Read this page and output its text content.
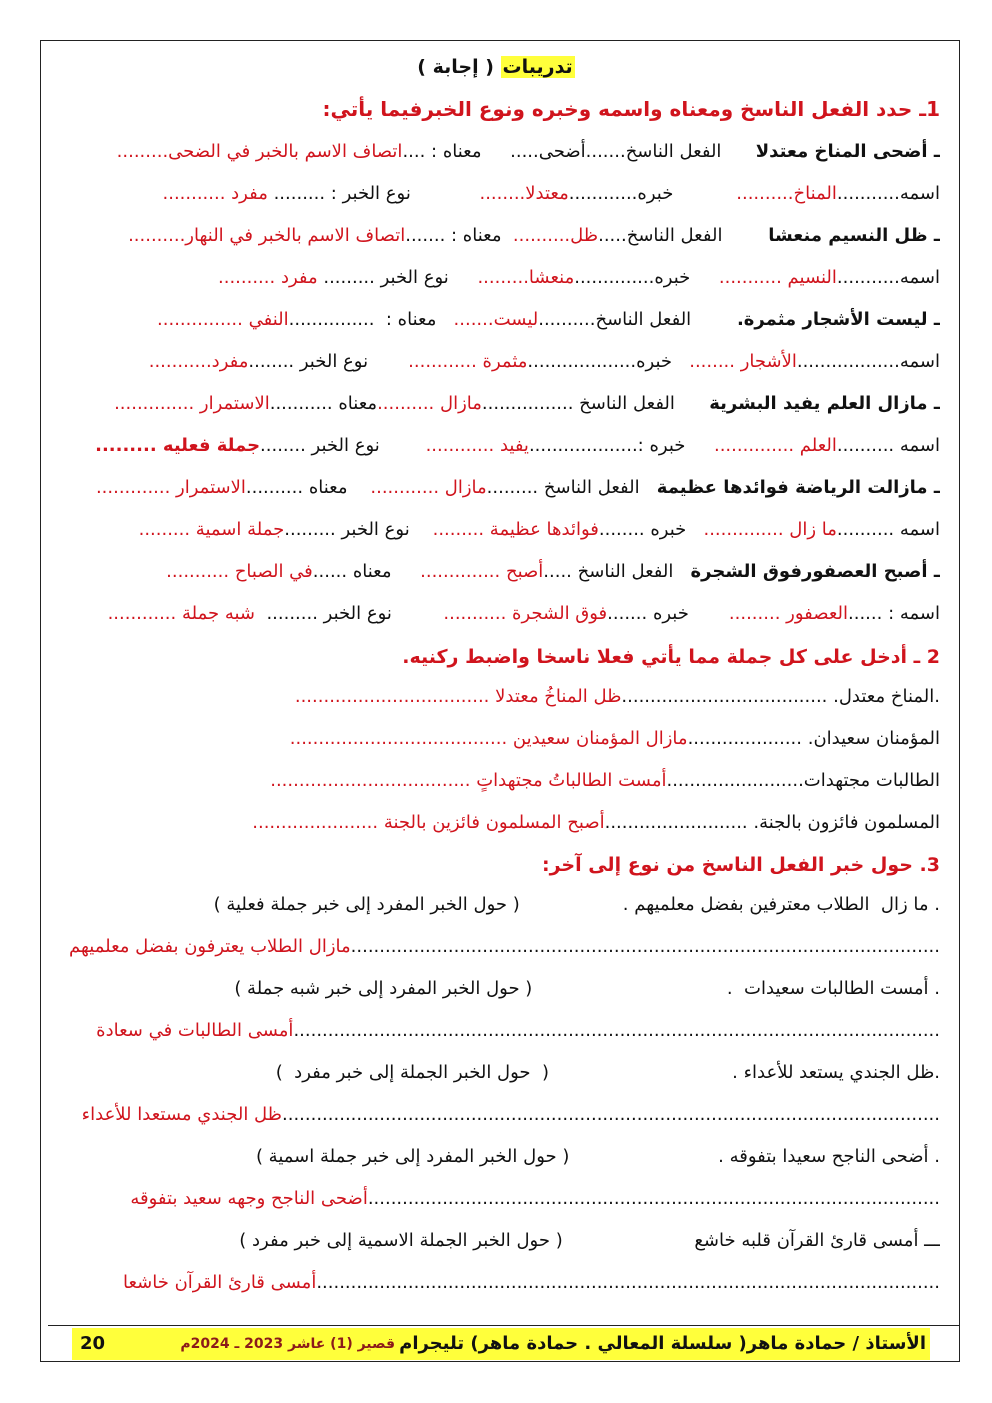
تدريبات ( إجابة )
1ـ حدد الفعل الناسخ ومعناه واسمه وخبره ونوع الخبرفيما يأتي:
ـ أضحى المناخ معتدلا      الفعل الناسخ.......أضحى.....     معناه : ....اتصاف الاسم بالخبر في الضحى.........
اسمه...........المناخ..........           خبره............معتدلا........            نوع الخبر : ......... مفرد ...........
ـ ظل النسيم منعشا        الفعل الناسخ.....ظل..........  معناه : .......اتصاف الاسم بالخبر في النهار..........
اسمه...........النسيم ...........     خبره..............منعشا.........     نوع الخبر ......... مفرد ..........
ـ ليست الأشجار مثمرة.        الفعل الناسخ..........ليست.......   معناه :  ...............النفي ...............
اسمه..................الأشجار ........   خبره...................مثمرة ............       نوع الخبر ........مفرد...........
ـ مازال العلم يفيد البشرية      الفعل الناسخ ................مازال ..........معناه ...........الاستمرار ..............
اسمه ..........العلم ..............     خبره :...................يفيد ............        نوع الخبر ........جملة فعليه .........
ـ مازالت الرياضة فوائدها عظيمة   الفعل الناسخ .........مازال ............    معناه ..........الاستمرار .............
اسمه ..........ما زال ..............   خبره ........فوائدها عظيمة .........    نوع الخبر .........جملة اسمية .........
ـ أصبح العصفورفوق الشجرة   الفعل الناسخ .....أصبح ..............     معناه ......في الصباح ...........
اسمه : ......العصفور .........       خبره .......فوق الشجرة ...........         نوع الخبر .........  شبه جملة ............
2 ـ أدخل على كل جملة مما يأتي فعلا ناسخا واضبط ركنيه.
.المناخ معتدل. ....................................ظل المناخُ معتدلا ..................................
المؤمنان سعيدان. ....................مازال المؤمنان سعيدين ......................................
الطالبات مجتهدات........................أمست الطالباتُ مجتهداتٍ ...................................
المسلمون فائزون بالجنة. .........................أصبح المسلمون فائزين بالجنة ......................
3. حول خبر الفعل الناسخ من نوع إلى آخر:
. ما زال  الطلاب معترفين بفضل معلميهم .                  ( حول الخبر المفرد إلى خبر جملة فعلية )
.......................................................................................................مازال الطلاب يعترفون بفضل معلميهم
. أمست الطالبات سعيدات  .                                  ( حول الخبر المفرد إلى خبر شبه جملة )
.................................................................................................................أمسى الطالبات في سعادة
.ظل الجندي يستعد للأعداء .                                (  حول الخبر الجملة إلى خبر مفرد  )
...................................................................................................................ظل الجندي مستعدا للأعداء
. أضحى الناجح سعيدا بتفوقه .                          ( حول الخبر المفرد إلى خبر جملة اسمية )
....................................................................................................أضحى الناجح وجهه سعيد بتفوقه
ـــ أمسى قارئ القرآن قلبه خاشع                       ( حول الخبر الجملة الاسمية إلى خبر مفرد )
.............................................................................................................أمسى قارئ القرآن خاشعا
الأستاذ / حمادة ماهر( سلسلة المعالي . حمادة ماهر) تليجرام
قصير (1) عاشر 2023 ـ 2024م
20
